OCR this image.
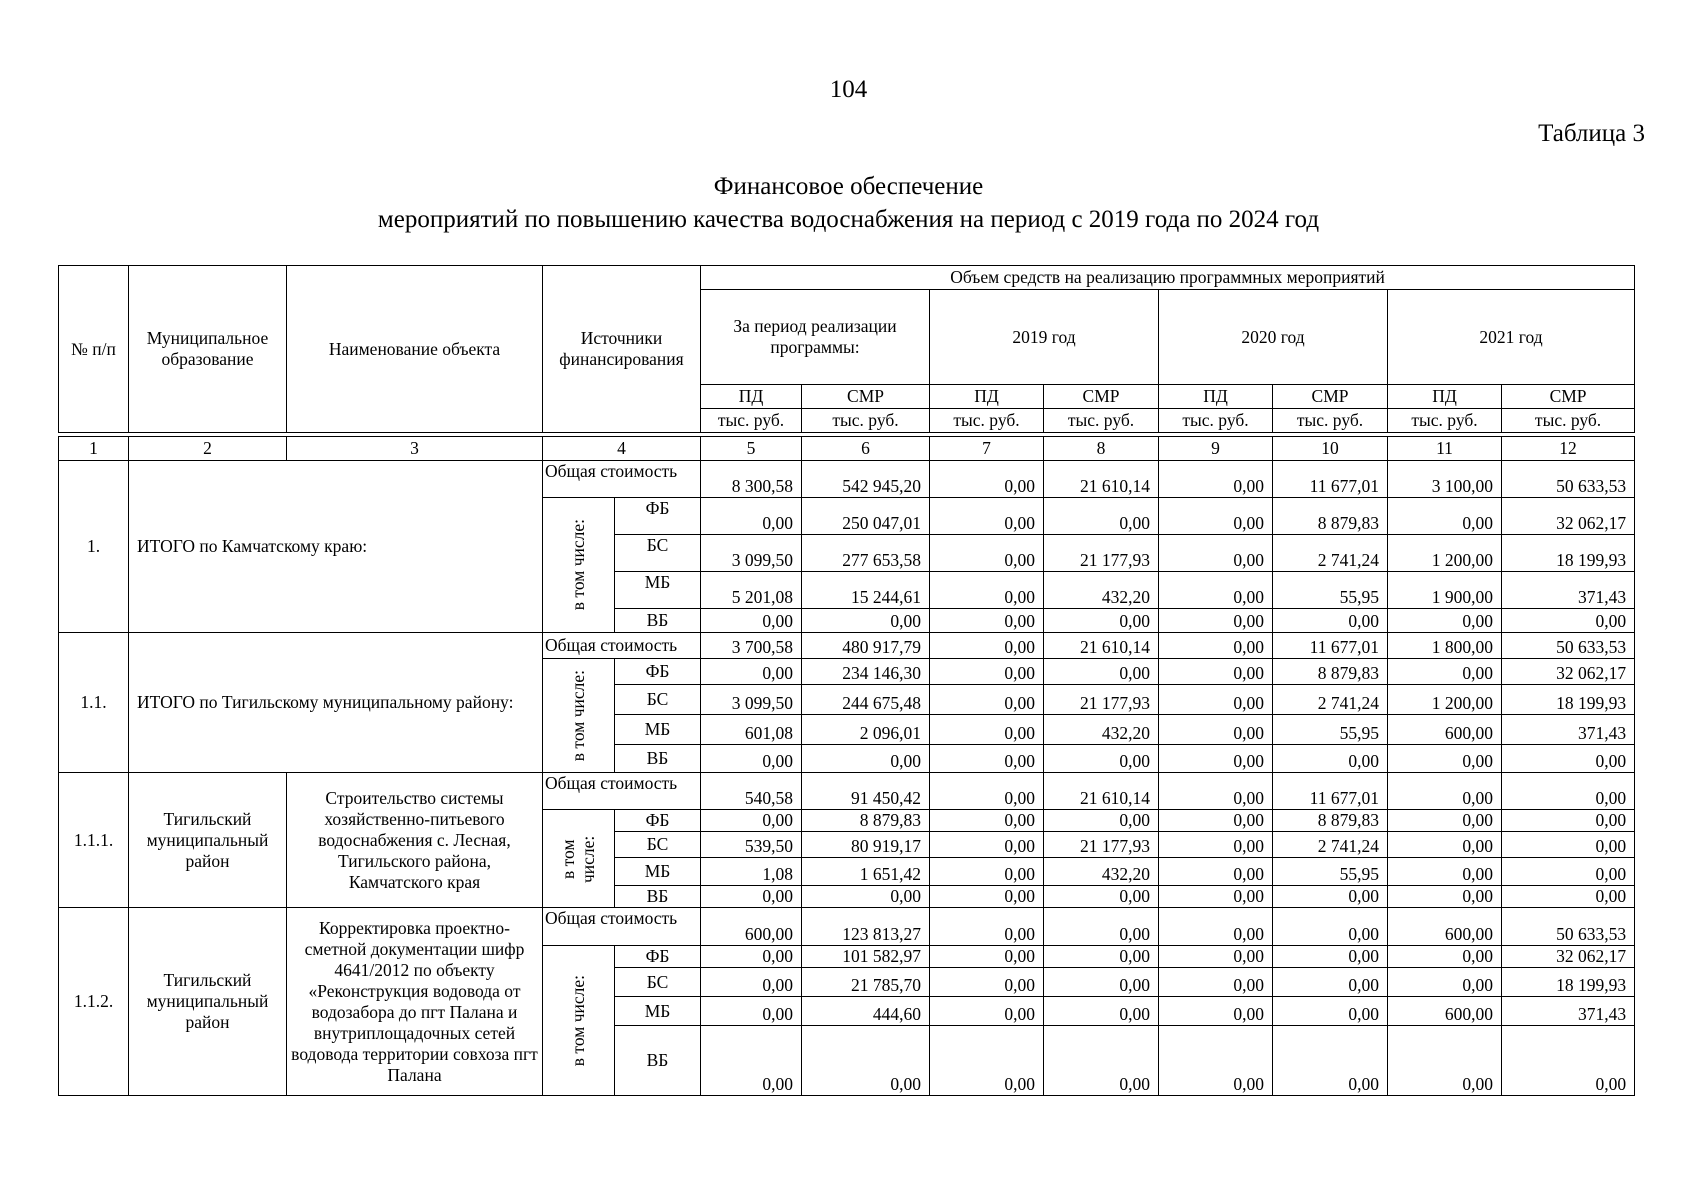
104
Таблица 3
Финансовое обеспечение
мероприятий по повышению качества водоснабжения на период с 2019 года по 2024 год
№ п/п	Муниципальное образование	Наименование объекта	Источники финансирования		Объем средств на реализацию программных мероприятий							
					За период реализации программы:		2019 год		2020 год		2021 год	
					ПД	СМР	ПД	СМР	ПД	СМР	ПД	СМР
					тыс. руб.	тыс. руб.	тыс. руб.	тыс. руб.	тыс. руб.	тыс. руб.	тыс. руб.	тыс. руб.

1	2	3	4		5	6	7	8	9	10	11	12
1.	ИТОГО по Камчатскому краю:		Общая стоимость		8 300,58	542 945,20	0,00	21 610,14	0,00	11 677,01	3 100,00	50 633,53

			в том числе:	ФБ	0,00	250 047,01	0,00	0,00	0,00	8 879,83	0,00	32 062,17
				БС	3 099,50	277 653,58	0,00	21 177,93	0,00	2 741,24	1 200,00	18 199,93
				МБ	5 201,08	15 244,61	0,00	432,20	0,00	55,95	1 900,00	371,43
				ВБ	0,00	0,00	0,00	0,00	0,00	0,00	0,00	0,00
1.1.	ИТОГО по Тигильскому муниципальному району:		Общая стоимость		3 700,58	480 917,79	0,00	21 610,14	0,00	11 677,01	1 800,00	50 633,53

			в том числе:	ФБ	0,00	234 146,30	0,00	0,00	0,00	8 879,83	0,00	32 062,17
				БС	3 099,50	244 675,48	0,00	21 177,93	0,00	2 741,24	1 200,00	18 199,93
				МБ	601,08	2 096,01	0,00	432,20	0,00	55,95	600,00	371,43
				ВБ	0,00	0,00	0,00	0,00	0,00	0,00	0,00	0,00
1.1.1.	Тигильский муниципальный район	Строительство системы хозяйственно-питьевого водоснабжения с. Лесная, Тигильского района, Камчатского края	Общая стоимость		540,58	91 450,42	0,00	21 610,14	0,00	11 677,01	0,00	0,00

			в том числе:	ФБ	0,00	8 879,83	0,00	0,00	0,00	8 879,83	0,00	0,00
				БС	539,50	80 919,17	0,00	21 177,93	0,00	2 741,24	0,00	0,00
				МБ	1,08	1 651,42	0,00	432,20	0,00	55,95	0,00	0,00
				ВБ	0,00	0,00	0,00	0,00	0,00	0,00	0,00	0,00
1.1.2.	Тигильский муниципальный район	Корректировка проектно-сметной документации шифр 4641/2012 по объекту «Реконструкция водовода от водозабора до пгт Палана и внутриплощадочных сетей водовода территории совхоза пгт Палана	Общая стоимость		600,00	123 813,27	0,00	0,00	0,00	0,00	600,00	50 633,53

			в том числе:	ФБ	0,00	101 582,97	0,00	0,00	0,00	0,00	0,00	32 062,17
				БС	0,00	21 785,70	0,00	0,00	0,00	0,00	0,00	18 199,93
				МБ	0,00	444,60	0,00	0,00	0,00	0,00	600,00	371,43
				ВБ	0,00	0,00	0,00	0,00	0,00	0,00	0,00	0,00
